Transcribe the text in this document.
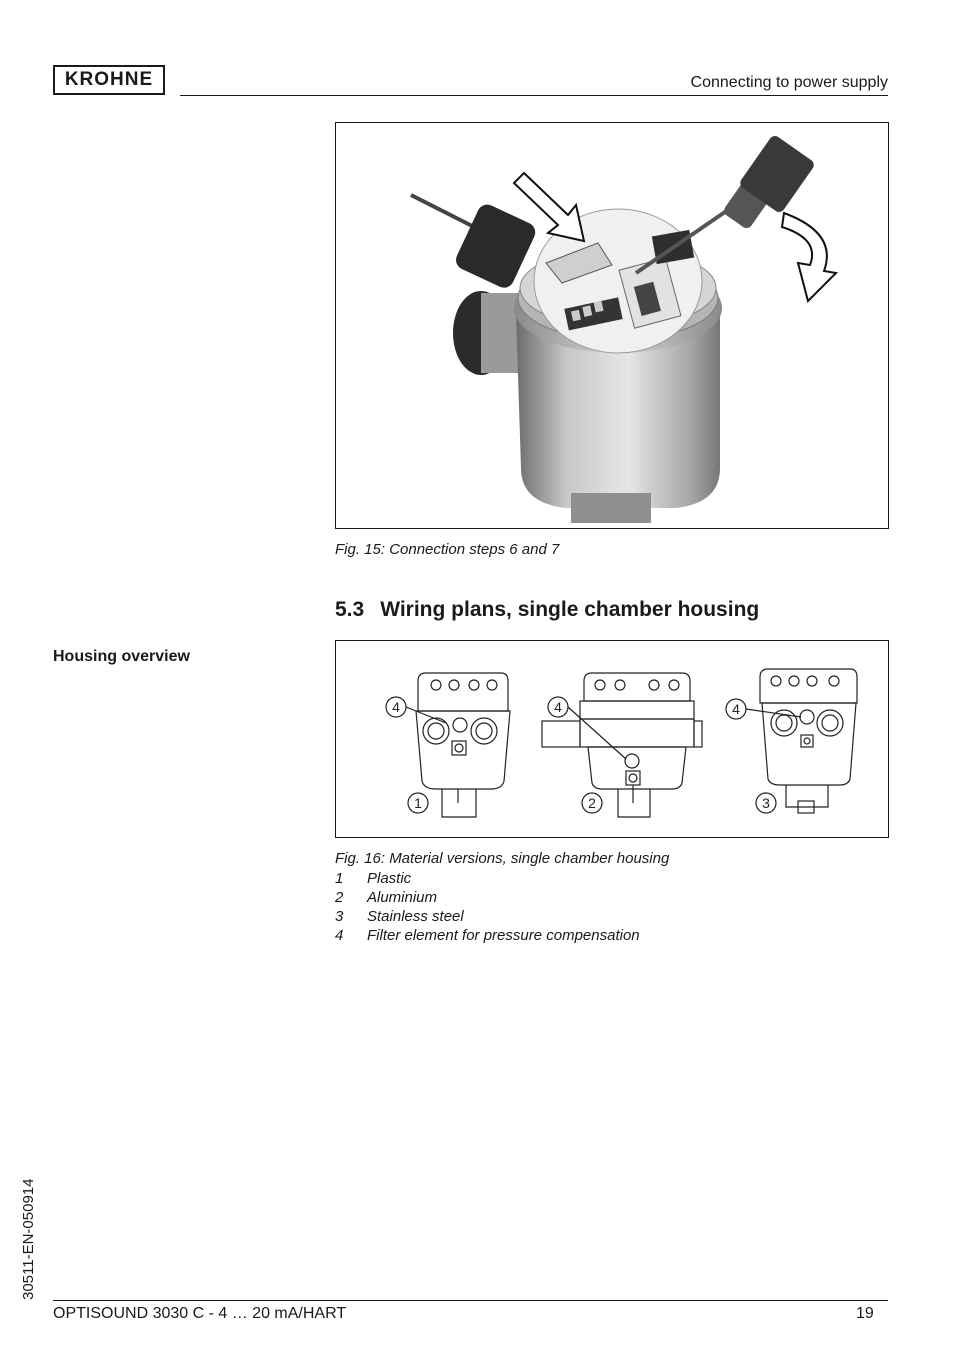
KROHNE	Connecting to power supply
Fig. 15: Connection steps 6 and 7
5.3 Wiring plans, single chamber housing
Housing overview
4
1
4
2
4
3
Fig. 16: Material versions, single chamber housing
1 Plastic
2 Aluminium
3 Stainless steel
4 Filter element for pressure compensation
30511-EN-050914
OPTISOUND 3030 C - 4 … 20 mA/HART	19
